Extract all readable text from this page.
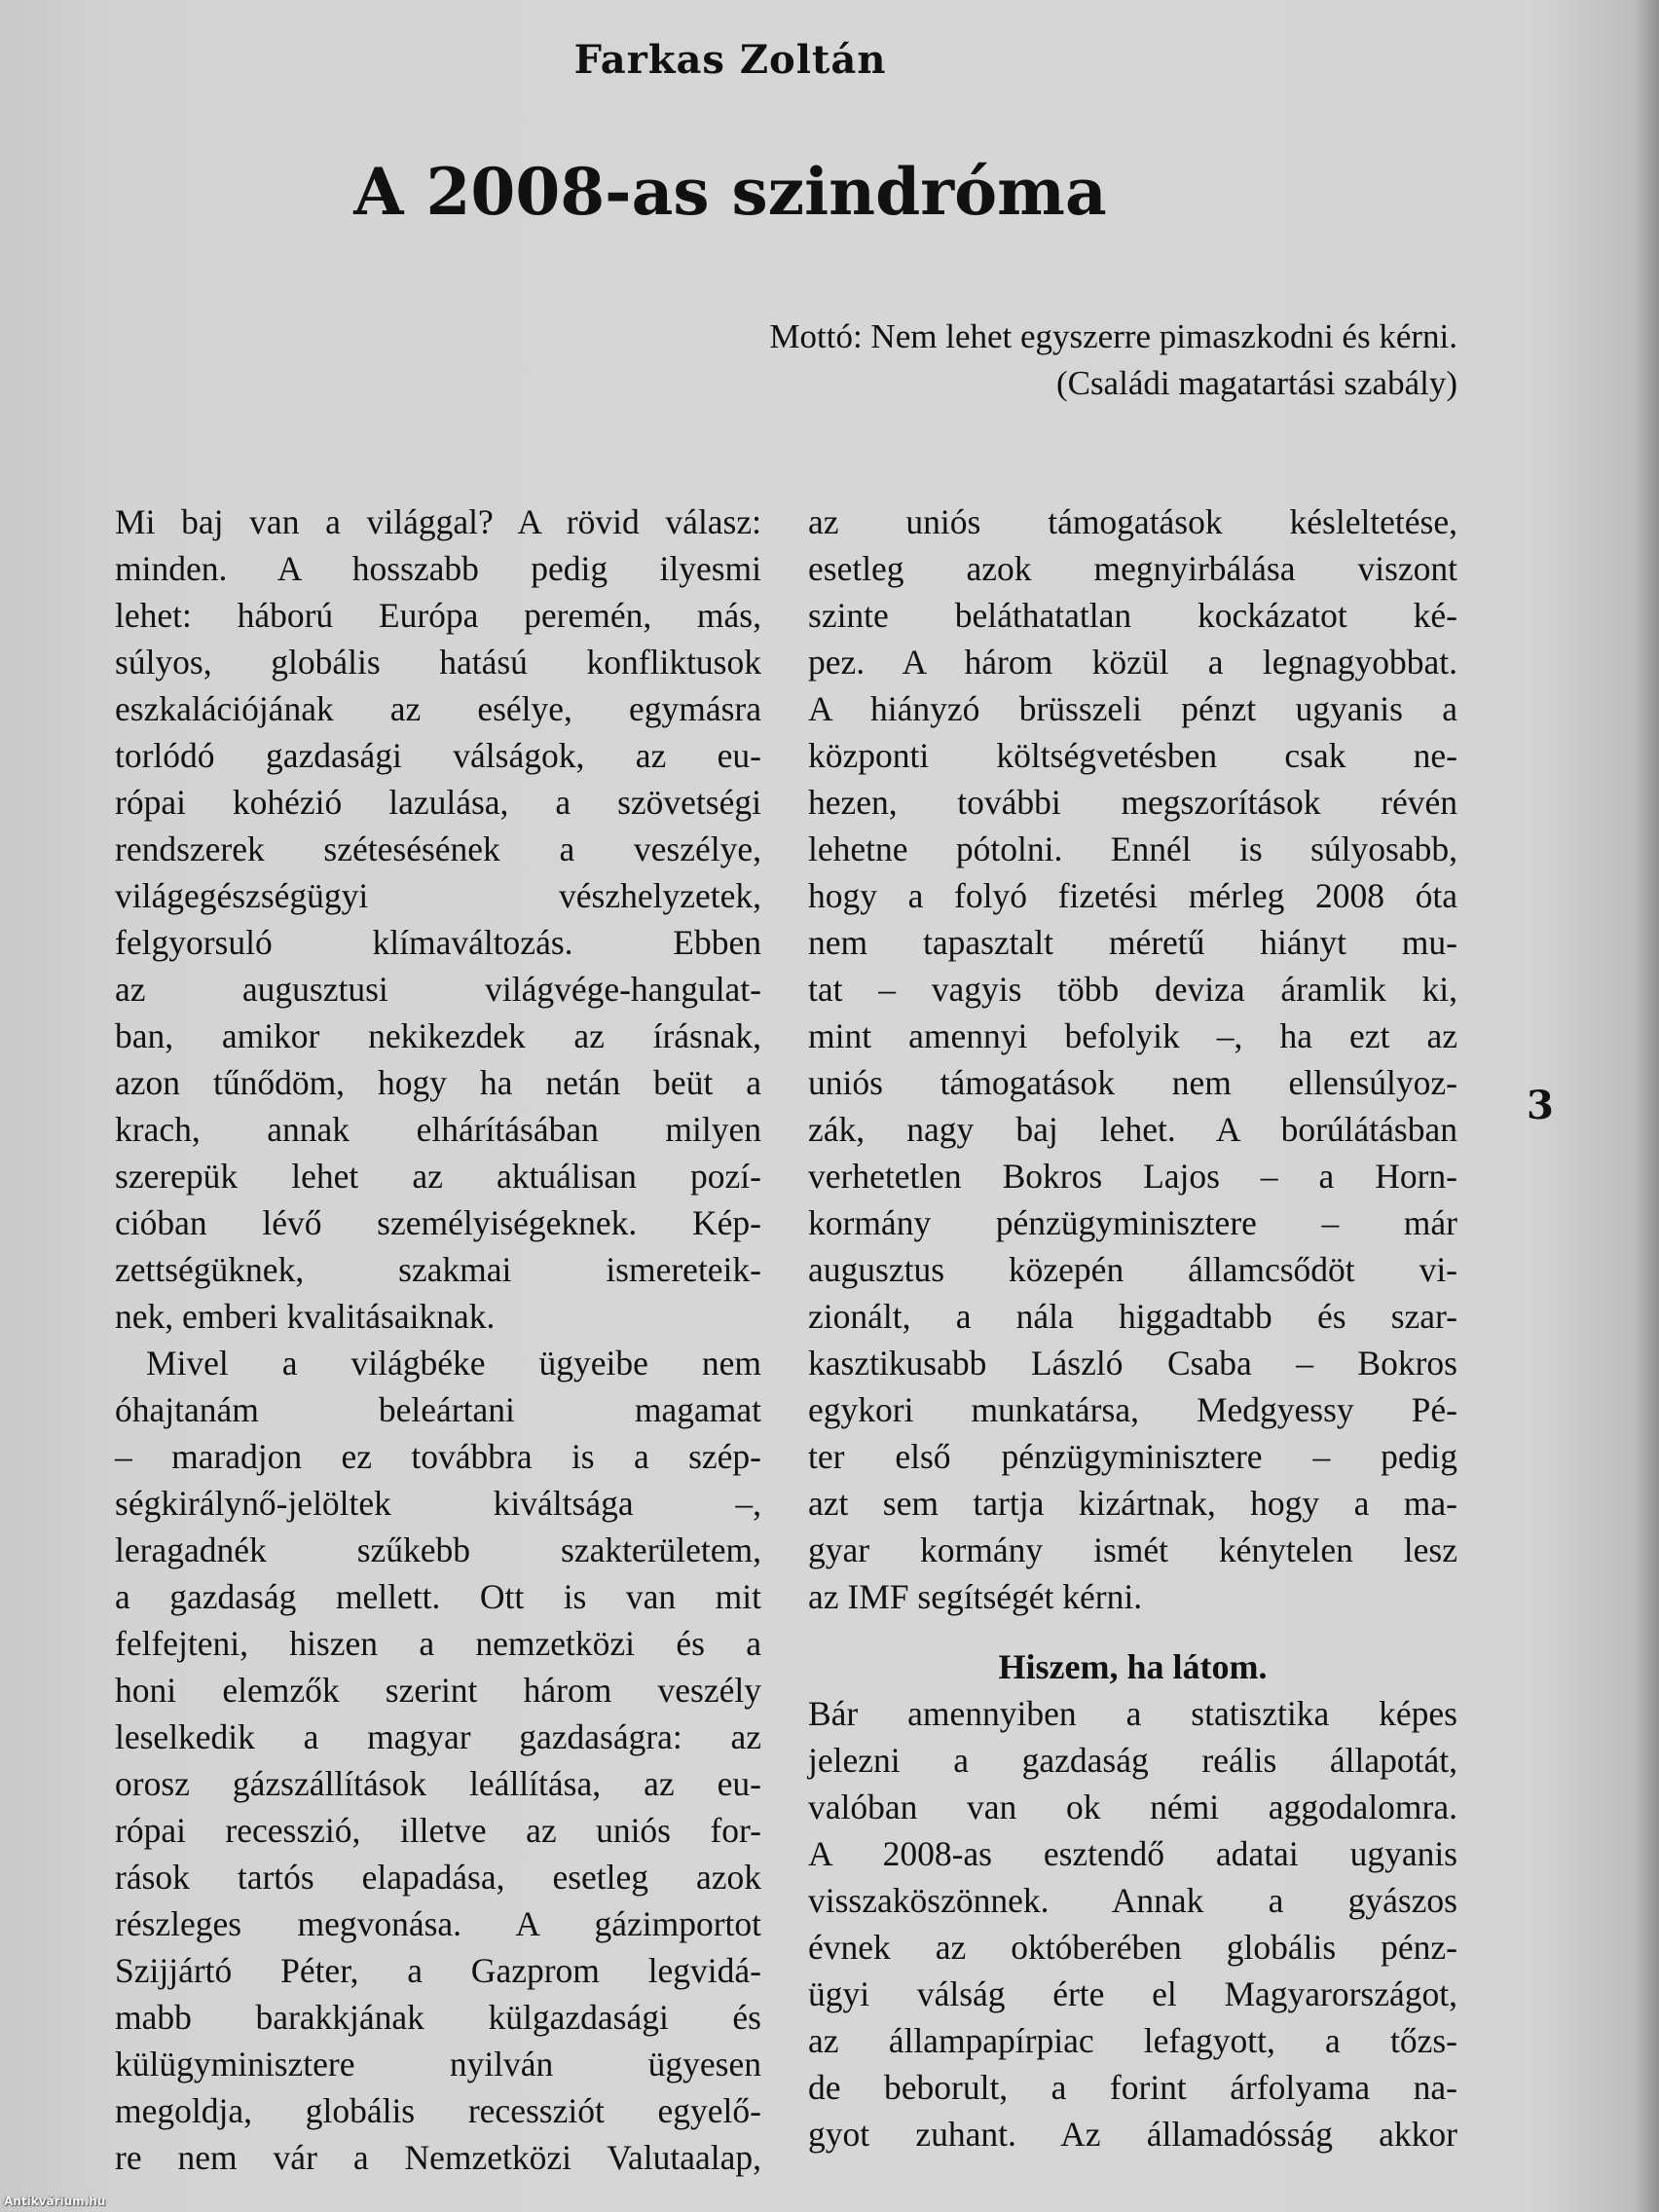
Farkas Zoltán
A 2008-as szindróma
Mottó: Nem lehet egyszerre pimaszkodni és kérni.
(Családi magatartási szabály)
Mi baj van a világgal? A rövid válasz:
minden. A hosszabb pedig ilyesmi
lehet: háború Európa peremén, más,
súlyos, globális hatású konfliktusok
eszkalációjának az esélye, egymásra
torlódó gazdasági válságok, az eu-
rópai kohézió lazulása, a szövetségi
rendszerek szétesésének a veszélye,
világegészségügyi vészhelyzetek,
felgyorsuló klímaváltozás. Ebben
az augusztusi világvége-hangulat-
ban, amikor nekikezdek az írásnak,
azon tűnődöm, hogy ha netán beüt a
krach, annak elhárításában milyen
szerepük lehet az aktuálisan pozí-
cióban lévő személyiségeknek. Kép-
zettségüknek, szakmai ismereteik-
nek, emberi kvalitásaiknak.
Mivel a világbéke ügyeibe nem
óhajtanám beleártani magamat
– maradjon ez továbbra is a szép-
ségkirálynő-jelöltek kiváltsága –,
leragadnék szűkebb szakterületem,
a gazdaság mellett. Ott is van mit
felfejteni, hiszen a nemzetközi és a
honi elemzők szerint három veszély
leselkedik a magyar gazdaságra: az
orosz gázszállítások leállítása, az eu-
rópai recesszió, illetve az uniós for-
rások tartós elapadása, esetleg azok
részleges megvonása. A gázimportot
Szijjártó Péter, a Gazprom legvidá-
mabb barakkjának külgazdasági és
külügyminisztere nyilván ügyesen
megoldja, globális recessziót egyelő-
re nem vár a Nemzetközi Valutaalap,
az uniós támogatások késleltetése,
esetleg azok megnyirbálása viszont
szinte beláthatatlan kockázatot ké-
pez. A három közül a legnagyobbat.
A hiányzó brüsszeli pénzt ugyanis a
központi költségvetésben csak ne-
hezen, további megszorítások révén
lehetne pótolni. Ennél is súlyosabb,
hogy a folyó fizetési mérleg 2008 óta
nem tapasztalt méretű hiányt mu-
tat – vagyis több deviza áramlik ki,
mint amennyi befolyik –, ha ezt az
uniós támogatások nem ellensúlyoz-
zák, nagy baj lehet. A borúlátásban
verhetetlen Bokros Lajos – a Horn-
kormány pénzügyminisztere – már
augusztus közepén államcsődöt vi-
zionált, a nála higgadtabb és szar-
kasztikusabb László Csaba – Bokros
egykori munkatársa, Medgyessy Pé-
ter első pénzügyminisztere – pedig
azt sem tartja kizártnak, hogy a ma-
gyar kormány ismét kénytelen lesz
az IMF segítségét kérni.
Hiszem, ha látom.
Bár amennyiben a statisztika képes
jelezni a gazdaság reális állapotát,
valóban van ok némi aggodalomra.
A 2008-as esztendő adatai ugyanis
visszaköszönnek. Annak a gyászos
évnek az októberében globális pénz-
ügyi válság érte el Magyarországot,
az állampapírpiac lefagyott, a tőzs-
de beborult, a forint árfolyama na-
gyot zuhant. Az államadósság akkor
3
Antikvárium.hu
